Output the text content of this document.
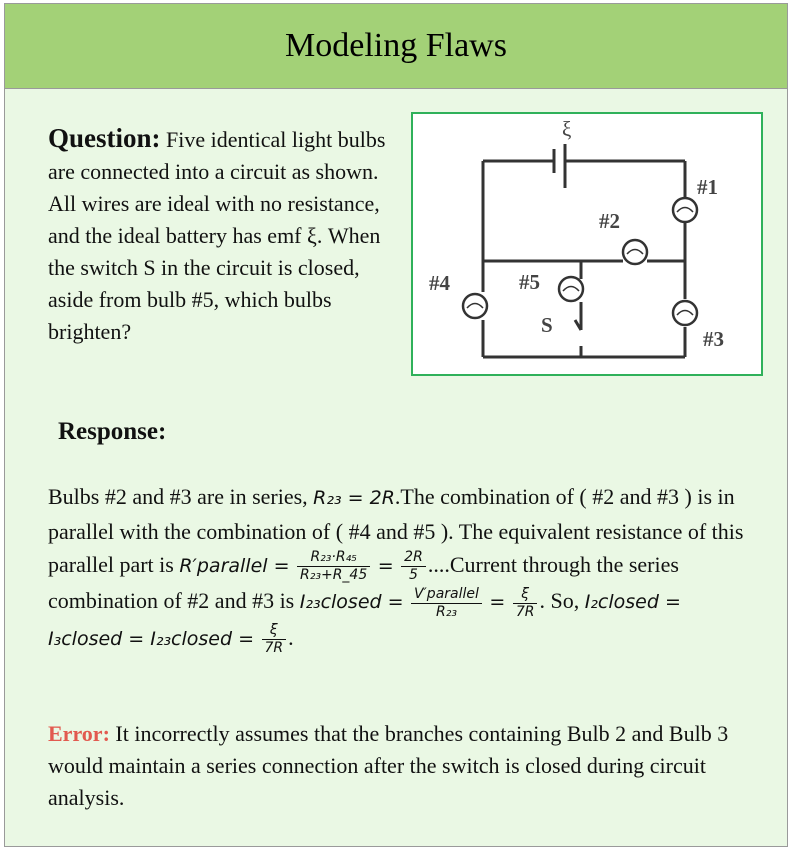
Modeling Flaws
Question: Five identical light bulbs are connected into a circuit as shown. All wires are ideal with no resistance, and the ideal battery has emf ξ. When the switch S in the circuit is closed, aside from bulb #5, which bulbs brighten?
ξ
#1
#2
#3
#4	#5
S
Response:
Bulbs #2 and #3 are in series, R₂₃ = 2R.The combination of ( #2 and #3 ) is in parallel with the combination of ( #4 and #5 ). The equivalent resistance of this parallel part is R′parallel = $\frac{\text{R₂₃·R₄₅}}{\text{R₂₃+R\_45}} = \frac{2R}{5}$ ....Current through the series combination of #2 and #3 is I₂₃closed = $\frac{\text{V′parallel}}{\text{R₂₃}} = \frac{\xi}{7R}$ . So, I₂closed = I₃closed = I₂₃closed = $\frac{\xi}{7R}$ .
Error: It incorrectly assumes that the branches containing Bulb 2 and Bulb 3 would maintain a series connection after the switch is closed during circuit analysis.
